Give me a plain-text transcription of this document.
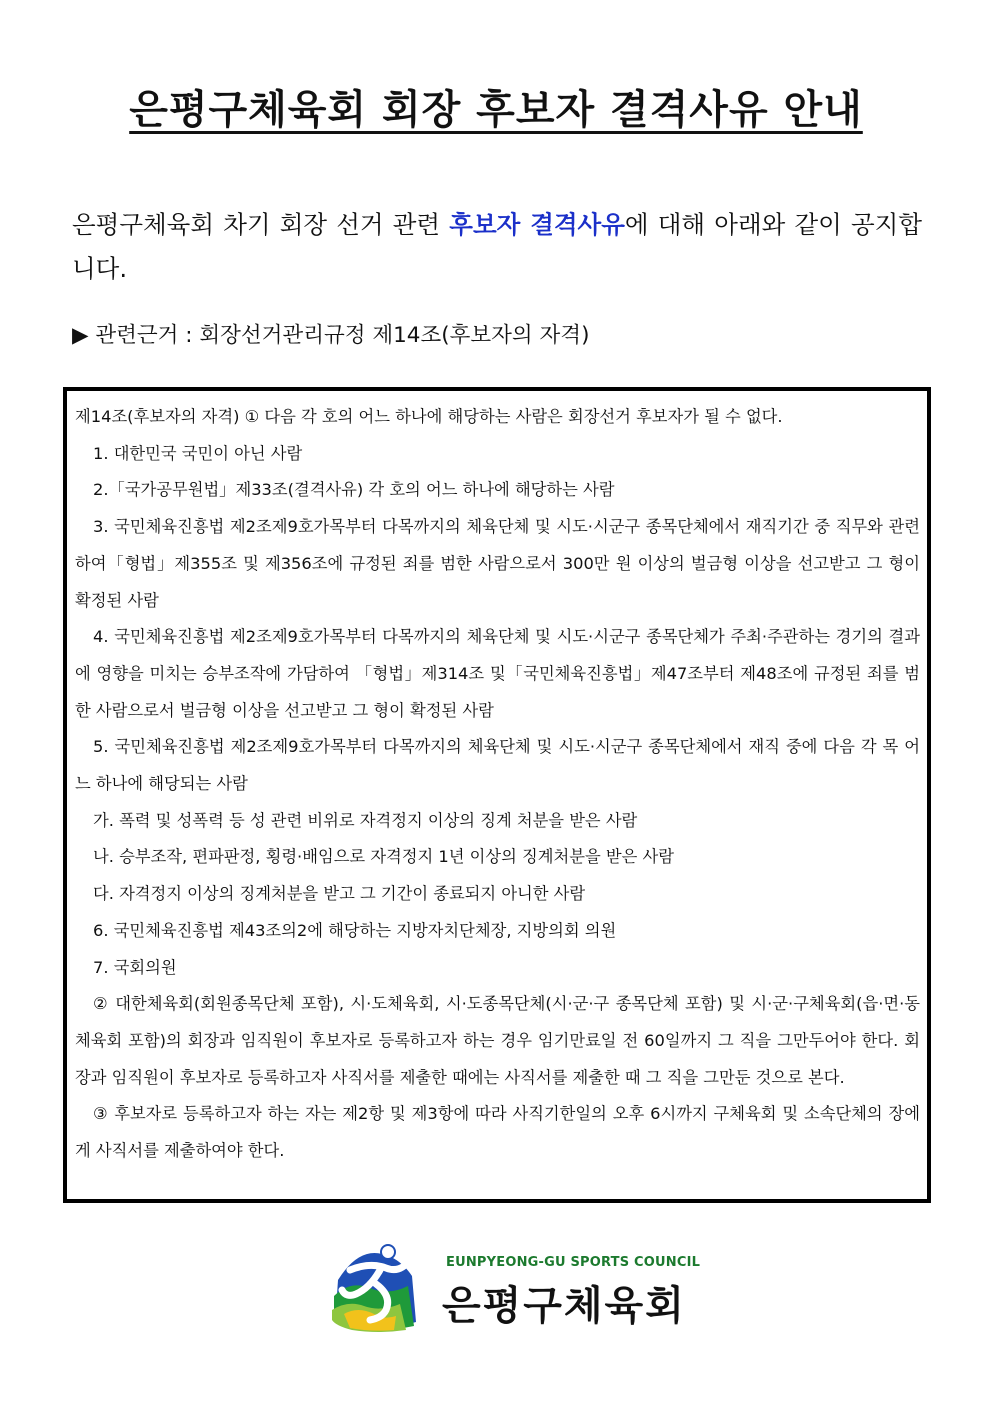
은평구체육회 회장 후보자 결격사유 안내
은평구체육회 차기 회장 선거 관련 후보자 결격사유에 대해 아래와 같이 공지합니다.
▶ 관련근거 : 회장선거관리규정 제14조(후보자의 자격)

제14조(후보자의 자격) ① 다음 각 호의 어느 하나에 해당하는 사람은 회장선거 후보자가 될 수 없다.

1. 대한민국 국민이 아닌 사람

2.「국가공무원법」제33조(결격사유) 각 호의 어느 하나에 해당하는 사람

3. 국민체육진흥법 제2조제9호가목부터 다목까지의 체육단체 및 시도·시군구 종목단체에서 재직기간 중 직무와 관련하여「형법」제355조 및 제356조에 규정된 죄를 범한 사람으로서 300만 원 이상의 벌금형 이상을 선고받고 그 형이 확정된 사람

4. 국민체육진흥법 제2조제9호가목부터 다목까지의 체육단체 및 시도·시군구 종목단체가 주최·주관하는 경기의 결과에 영향을 미치는 승부조작에 가담하여 「형법」제314조 및「국민체육진흥법」제47조부터 제48조에 규정된 죄를 범한 사람으로서 벌금형 이상을 선고받고 그 형이 확정된 사람

5. 국민체육진흥법 제2조제9호가목부터 다목까지의 체육단체 및 시도·시군구 종목단체에서 재직 중에 다음 각 목 어느 하나에 해당되는 사람

가. 폭력 및 성폭력 등 성 관련 비위로 자격정지 이상의 징계 처분을 받은 사람

나. 승부조작, 편파판정, 횡령·배임으로 자격정지 1년 이상의 징계처분을 받은 사람

다. 자격정지 이상의 징계처분을 받고 그 기간이 종료되지 아니한 사람

6. 국민체육진흥법 제43조의2에 해당하는 지방자치단체장, 지방의회 의원

7. 국회의원

② 대한체육회(회원종목단체 포함), 시·도체육회, 시·도종목단체(시·군·구 종목단체 포함) 및 시·군·구체육회(읍·면·동체육회 포함)의 회장과 임직원이 후보자로 등록하고자 하는 경우 임기만료일 전 60일까지 그 직을 그만두어야 한다. 회장과 임직원이 후보자로 등록하고자 사직서를 제출한 때에는 사직서를 제출한 때 그 직을 그만둔 것으로 본다.

③ 후보자로 등록하고자 하는 자는 제2항 및 제3항에 따라 사직기한일의 오후 6시까지 구체육회 및 소속단체의 장에게 사직서를 제출하여야 한다.

EUNPYEONG-GU SPORTS COUNCIL
은평구체육회
